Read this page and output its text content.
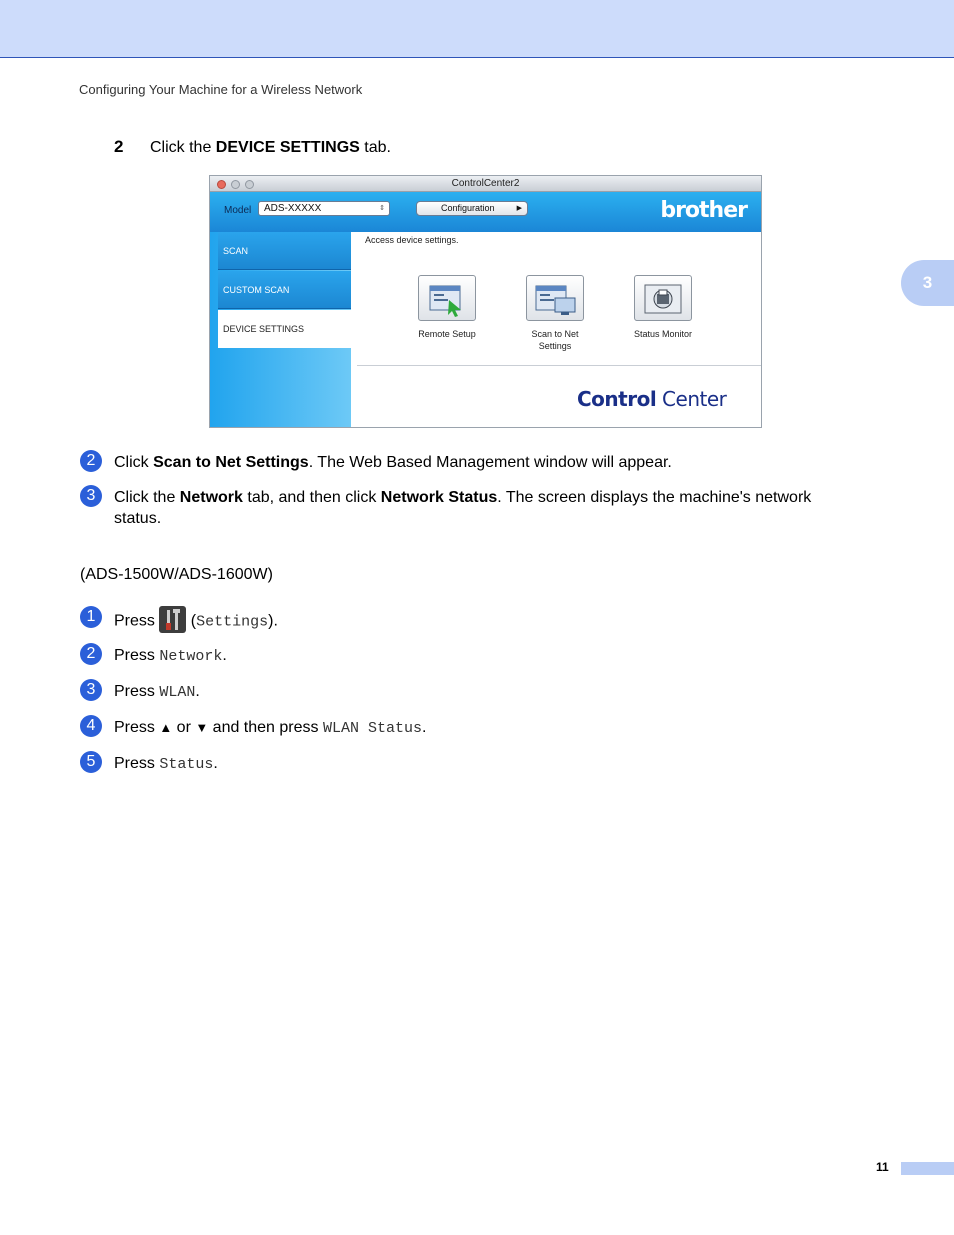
Configuring Your Machine for a Wireless Network
3
2 Click the DEVICE SETTINGS tab.
ControlCenter2
Model	ADS-XXXXX	⇕	Configuration	▶	brother
SCAN
CUSTOM SCAN
DEVICE SETTINGS
Access device settings.
Remote Setup	Scan to Net
Settings
Status Monitor
Control Center
2	Click Scan to Net Settings. The Web Based Management window will appear.
3	Click the Network tab, and then click Network Status. The screen displays the machine's network
status.
(ADS-1500W/ADS-1600W)
1	Press  (Settings).
2	Press Network.
3	Press WLAN.
4	Press ▲ or ▼ and then press WLAN Status.
5	Press Status.
11
